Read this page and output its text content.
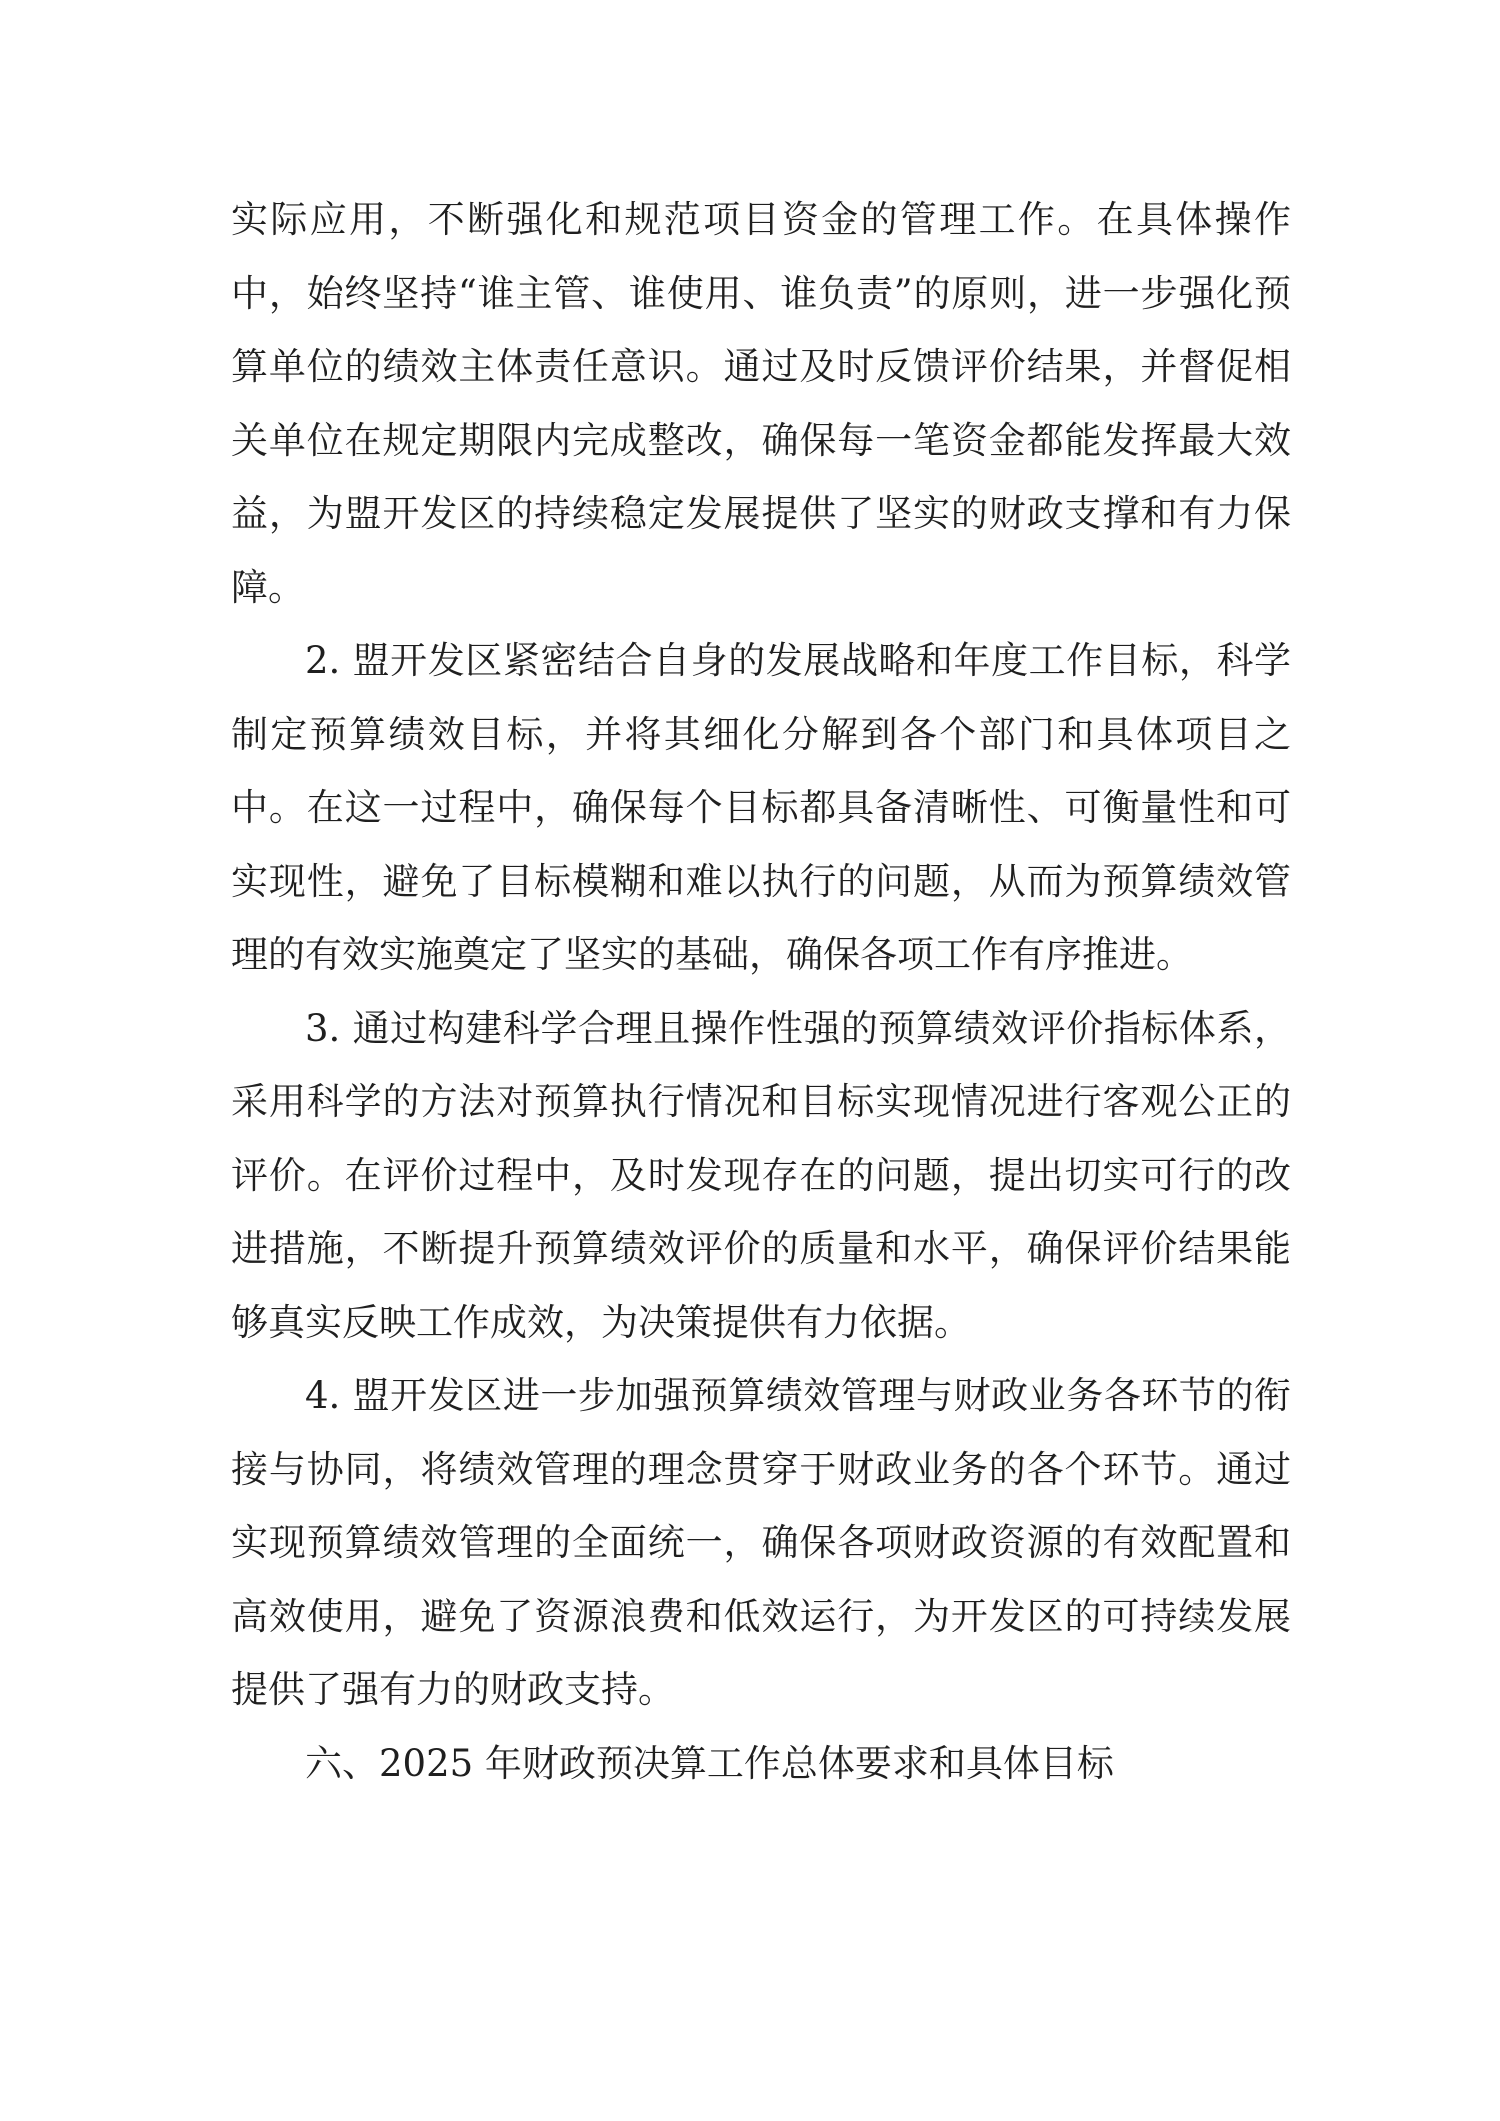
实际应用，不断强化和规范项目资金的管理工作。在具体操作中，始终坚持“谁主管、谁使用、谁负责”的原则，进一步强化预算单位的绩效主体责任意识。通过及时反馈评价结果，并督促相关单位在规定期限内完成整改，确保每一笔资金都能发挥最大效益，为盟开发区的持续稳定发展提供了坚实的财政支撑和有力保障。

2. 盟开发区紧密结合自身的发展战略和年度工作目标，科学制定预算绩效目标，并将其细化分解到各个部门和具体项目之中。在这一过程中，确保每个目标都具备清晰性、可衡量性和可实现性，避免了目标模糊和难以执行的问题，从而为预算绩效管理的有效实施奠定了坚实的基础，确保各项工作有序推进。

3. 通过构建科学合理且操作性强的预算绩效评价指标体系，采用科学的方法对预算执行情况和目标实现情况进行客观公正的评价。在评价过程中，及时发现存在的问题，提出切实可行的改进措施，不断提升预算绩效评价的质量和水平，确保评价结果能够真实反映工作成效，为决策提供有力依据。

4. 盟开发区进一步加强预算绩效管理与财政业务各环节的衔接与协同，将绩效管理的理念贯穿于财政业务的各个环节。通过实现预算绩效管理的全面统一，确保各项财政资源的有效配置和高效使用，避免了资源浪费和低效运行，为开发区的可持续发展提供了强有力的财政支持。

六、2025 年财政预决算工作总体要求和具体目标
